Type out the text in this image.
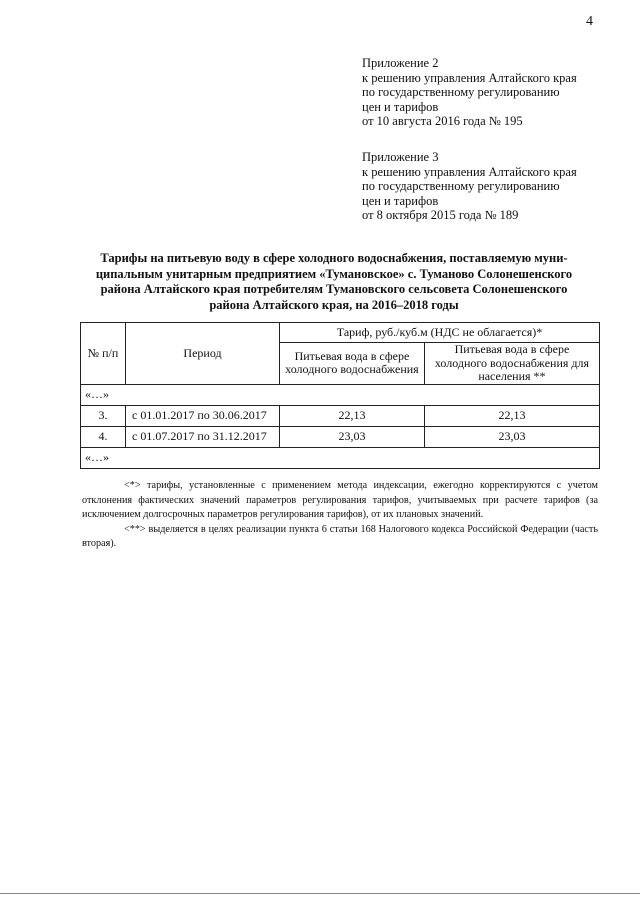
4
Приложение 2
к решению управления Алтайского края
по государственному регулированию
цен и тарифов
от 10 августа 2016 года № 195
Приложение 3
к решению управления Алтайского края
по государственному регулированию
цен и тарифов
от 8 октября 2015 года № 189
Тарифы на питьевую воду в сфере холодного водоснабжения, поставляемую муни-
ципальным унитарным предприятием «Тумановское» с. Туманово Солонешенского
района Алтайского края потребителям Тумановского сельсовета Солонешенского
района Алтайского края, на 2016–2018 годы
№ п/п	Период	Тариф, руб./куб.м (НДС не облагается)*	
		Питьевая вода в сфере холодного водоснабжения	Питьевая вода в сфере холодного водоснабжения для населения **
«…»			
3.	с 01.01.2017 по 30.06.2017	22,13	22,13
4.	с 01.07.2017 по 31.12.2017	23,03	23,03
«…»			

<*> тарифы, установленные с применением метода индексации, ежегодно корректируются с учетом отклонения фактических значений параметров регулирования тарифов, учитываемых при расчете тарифов (за исключением долгосрочных параметров регулирования тарифов), от их плановых значений.

<**> выделяется в целях реализации пункта 6 статьи 168 Налогового кодекса Российской Федерации (часть вторая).
